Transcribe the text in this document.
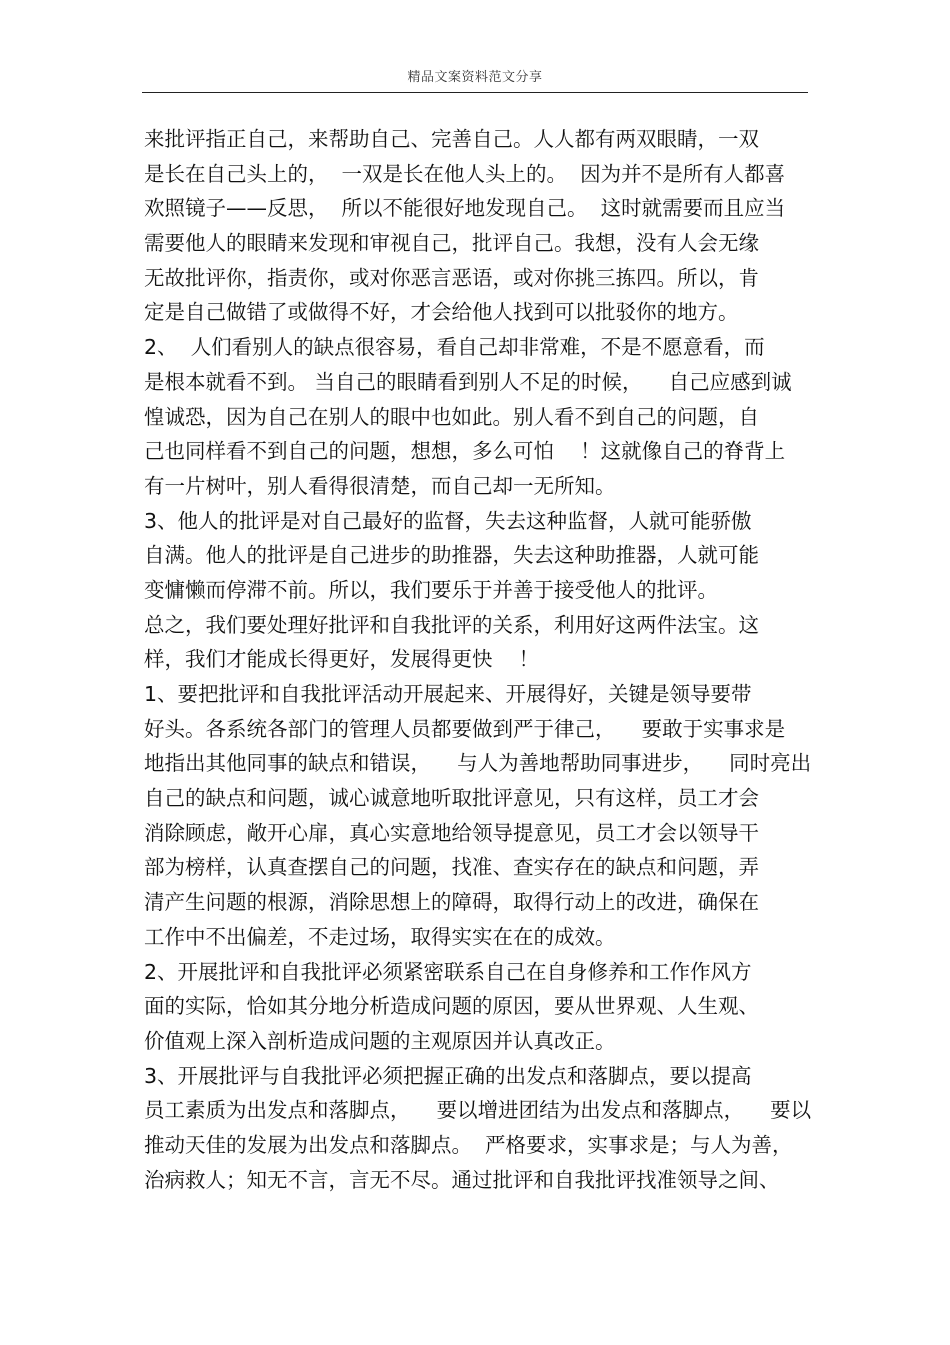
精品文案资料范文分享
来批评指正自己，来帮助自己、完善自己。人人都有两双眼睛，一双
是长在自己头上的，  一双是长在他人头上的。  因为并不是所有人都喜
欢照镜子——反思，  所以不能很好地发现自己。  这时就需要而且应当
需要他人的眼睛来发现和审视自己，批评自己。我想，没有人会无缘
无故批评你，指责你，或对你恶言恶语，或对你挑三拣四。所以，肯
定是自己做错了或做得不好，才会给他人找到可以批驳你的地方。
2、  人们看别人的缺点很容易，看自己却非常难，不是不愿意看，而
是根本就看不到。 当自己的眼睛看到别人不足的时候，    自己应感到诚
惶诚恐，因为自己在别人的眼中也如此。别人看不到自己的问题，自
己也同样看不到自己的问题，想想，多么可怕    ！这就像自己的脊背上
有一片树叶，别人看得很清楚，而自己却一无所知。
3、他人的批评是对自己最好的监督，失去这种监督，人就可能骄傲
自满。他人的批评是自己进步的助推器，失去这种助推器，人就可能
变慵懒而停滞不前。所以，我们要乐于并善于接受他人的批评。
总之，我们要处理好批评和自我批评的关系，利用好这两件法宝。这
样，我们才能成长得更好，发展得更快    ！
1、要把批评和自我批评活动开展起来、开展得好，关键是领导要带
好头。各系统各部门的管理人员都要做到严于律己，    要敢于实事求是
地指出其他同事的缺点和错误，    与人为善地帮助同事进步，    同时亮出
自己的缺点和问题，诚心诚意地听取批评意见，只有这样，员工才会
消除顾虑，敞开心扉，真心实意地给领导提意见，员工才会以领导干
部为榜样，认真查摆自己的问题，找准、查实存在的缺点和问题，弄
清产生问题的根源，消除思想上的障碍，取得行动上的改进，确保在
工作中不出偏差，不走过场，取得实实在在的成效。
2、开展批评和自我批评必须紧密联系自己在自身修养和工作作风方
面的实际，恰如其分地分析造成问题的原因，要从世界观、人生观、
价值观上深入剖析造成问题的主观原因并认真改正。
3、开展批评与自我批评必须把握正确的出发点和落脚点，要以提高
员工素质为出发点和落脚点，    要以增进团结为出发点和落脚点，    要以
推动天佳的发展为出发点和落脚点。  严格要求，实事求是；与人为善，
治病救人；知无不言，言无不尽。通过批评和自我批评找准领导之间、
